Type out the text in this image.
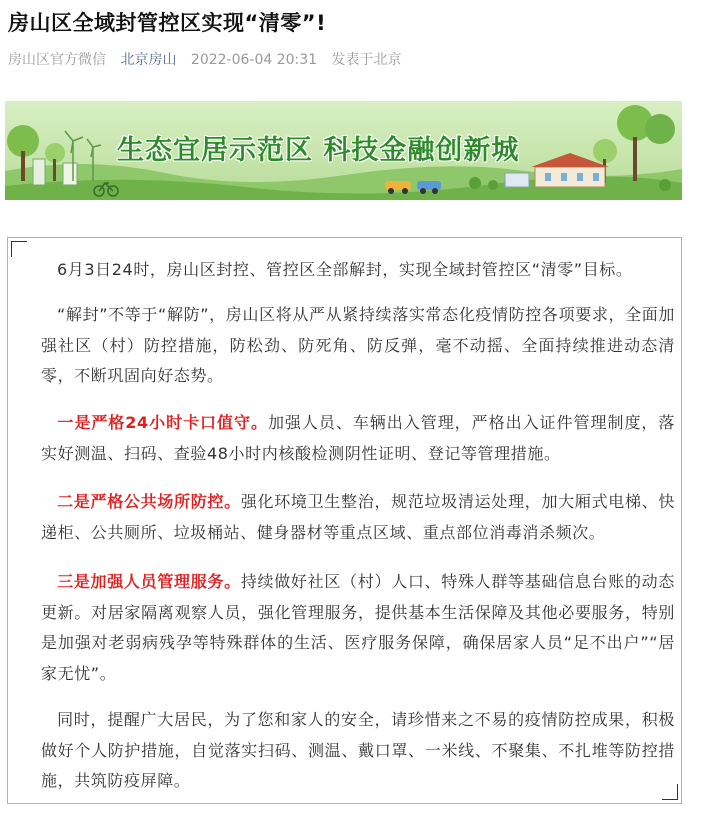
房山区全域封管控区实现“清零”!
房山区官方微信 北京房山 2022-06-04 20:31 发表于北京
生态宜居示范区 科技金融创新城

6月3日24时，房山区封控、管控区全部解封，实现全域封管控区“清零”目标。

“解封”不等于“解防”，房山区将从严从紧持续落实常态化疫情防控各项要求，全面加强社区（村）防控措施，防松劲、防死角、防反弹，毫不动摇、全面持续推进动态清零，不断巩固向好态势。

一是严格24小时卡口值守。加强人员、车辆出入管理，严格出入证件管理制度，落实好测温、扫码、查验48小时内核酸检测阴性证明、登记等管理措施。

二是严格公共场所防控。强化环境卫生整治，规范垃圾清运处理，加大厢式电梯、快递柜、公共厕所、垃圾桶站、健身器材等重点区域、重点部位消毒消杀频次。

三是加强人员管理服务。持续做好社区（村）人口、特殊人群等基础信息台账的动态更新。对居家隔离观察人员，强化管理服务，提供基本生活保障及其他必要服务，特别是加强对老弱病残孕等特殊群体的生活、医疗服务保障，确保居家人员“足不出户”“居家无忧”。

同时，提醒广大居民，为了您和家人的安全，请珍惜来之不易的疫情防控成果，积极做好个人防护措施，自觉落实扫码、测温、戴口罩、一米线、不聚集、不扎堆等防控措施，共筑防疫屏障。
